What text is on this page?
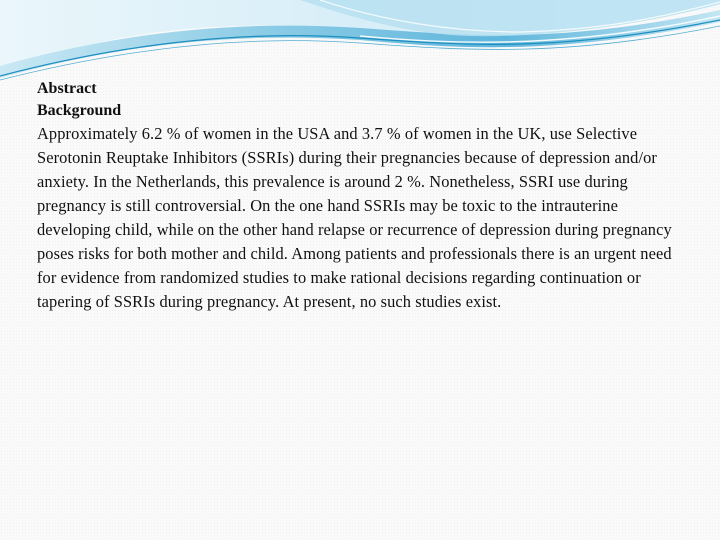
Abstract

Background

Approximately 6.2 % of women in the USA and 3.7 % of women in the UK, use Selective Serotonin Reuptake Inhibitors (SSRIs) during their pregnancies because of depression and/or anxiety. In the Netherlands, this prevalence is around 2 %. Nonetheless, SSRI use during pregnancy is still controversial. On the one hand SSRIs may be toxic to the intrauterine developing child, while on the other hand relapse or recurrence of depression during pregnancy poses risks for both mother and child. Among patients and professionals there is an urgent need for evidence from randomized studies to make rational decisions regarding continuation or tapering of SSRIs during pregnancy. At present, no such studies exist.
